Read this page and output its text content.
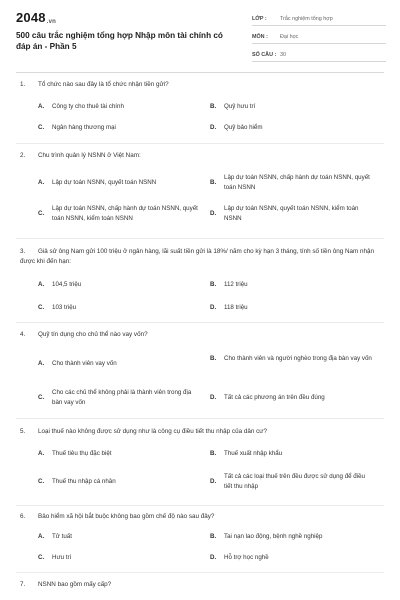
2048.vn
500 câu trắc nghiệm tổng hợp Nhập môn tài chính có đáp án - Phần 5
LỚP :	Trắc nghiệm tổng hợp
MÔN :	Đại học
SỐ CÂU : 30
1. Tổ chức nào sau đây là tổ chức nhận tiền gửi?
A.	Công ty cho thuê tài chính	B.	Quỹ hưu trí
C.	Ngân hàng thương mại	D.	Quỹ bảo hiểm
2. Chu trình quản lý NSNN ở Việt Nam:
A.	Lập dự toán NSNN, quyết toán NSNN	B.
Lập dự toán NSNN, chấp hành dự toán NSNN, quyết toán NSNN
C.
Lập dự toán NSNN, chấp hành dự toán NSNN, quyết toán NSNN, kiểm toán NSNN
D.
Lập dự toán NSNN, quyết toán NSNN, kiểm toán NSNN
3. Giả sử ông Nam gửi 100 triệu ở ngân hàng, lãi suất tiền gửi là 18%/ năm cho kỳ hạn 3 tháng, tính số tiền ông Nam nhận được khi đến hạn:
A.	104,5 triệu	B.	112 triệu
C.	103 triệu	D.	118 triệu
4. Quỹ tín dụng cho chủ thể nào vay vốn?
A.	Cho thành viên vay vốn
B.	Cho thành viên và người nghèo trong địa bàn vay vốn
C.
Cho các chủ thể không phải là thành viên trong địa bàn vay vốn
D.	Tất cả các phương án trên đều đúng
5. Loại thuế nào không được sử dụng như là công cụ điều tiết thu nhập của dân cư?
A.	Thuế tiêu thụ đặc biệt	B.	Thuế xuất nhập khẩu
C.	Thuế thu nhập cá nhân	D.
Tất cả các loại thuế trên đều được sử dụng để điều tiết thu nhập
6. Bảo hiểm xã hội bắt buộc không bao gồm chế độ nào sau đây?
A.	Tử tuất	B.	Tai nạn lao động, bệnh nghề nghiệp
C.	Hưu trí	D.	Hỗ trợ học nghề
7. NSNN bao gồm mấy cấp?
